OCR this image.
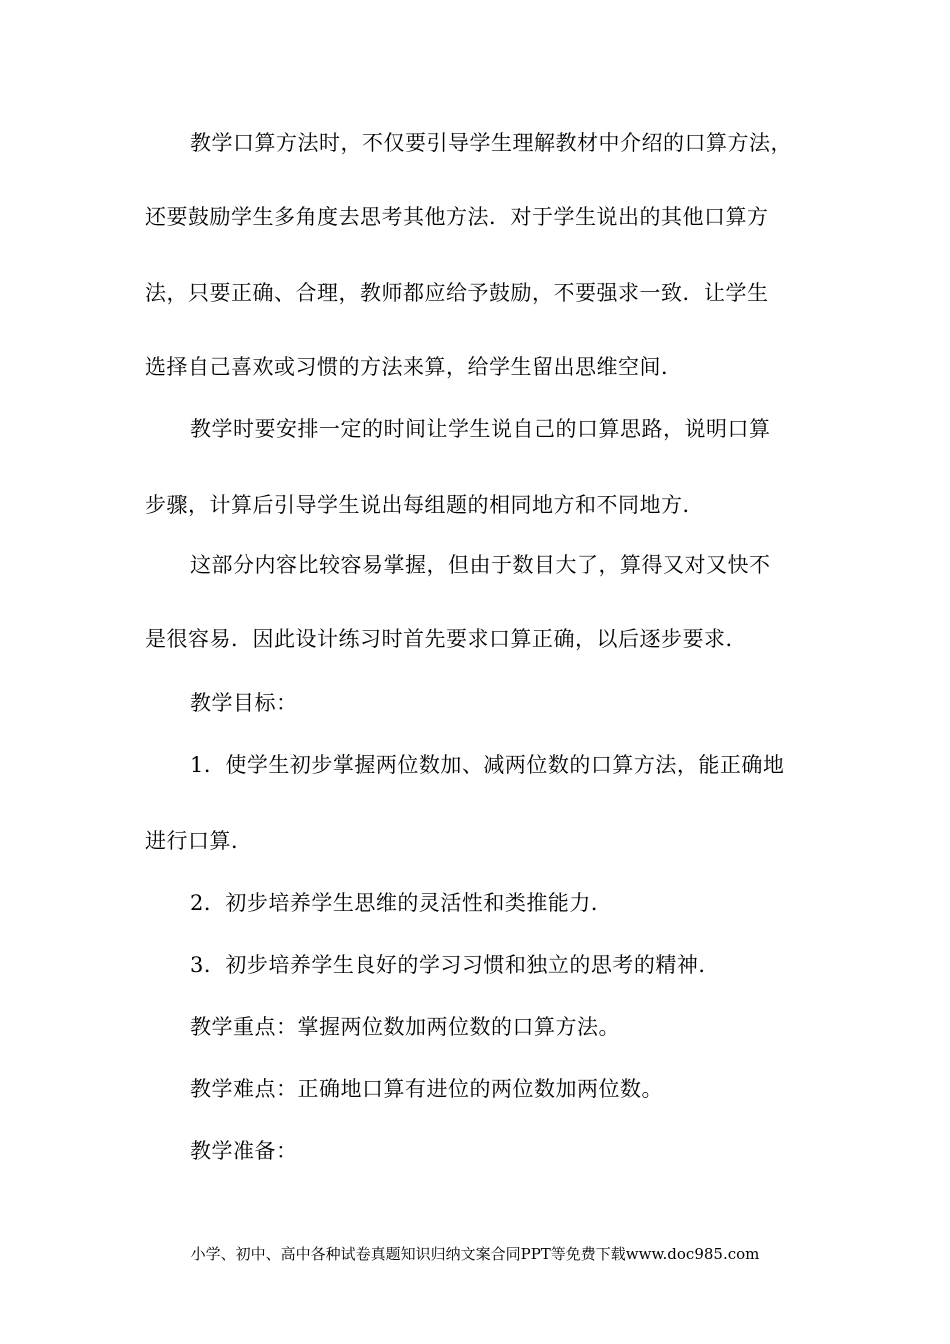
教学口算方法时，不仅要引导学生理解教材中介绍的口算方法，
还要鼓励学生多角度去思考其他方法．对于学生说出的其他口算方
法，只要正确、合理，教师都应给予鼓励，不要强求一致．让学生
选择自己喜欢或习惯的方法来算，给学生留出思维空间．
教学时要安排一定的时间让学生说自己的口算思路，说明口算
步骤，计算后引导学生说出每组题的相同地方和不同地方．
这部分内容比较容易掌握，但由于数目大了，算得又对又快不
是很容易．因此设计练习时首先要求口算正确，以后逐步要求．
教学目标：
1．使学生初步掌握两位数加、减两位数的口算方法，能正确地
进行口算．
2．初步培养学生思维的灵活性和类推能力．
3．初步培养学生良好的学习习惯和独立的思考的精神．
教学重点：掌握两位数加两位数的口算方法。
教学难点：正确地口算有进位的两位数加两位数。
教学准备：
小学、初中、高中各种试卷真题知识归纳文案合同PPT等免费下载www.doc985.com
